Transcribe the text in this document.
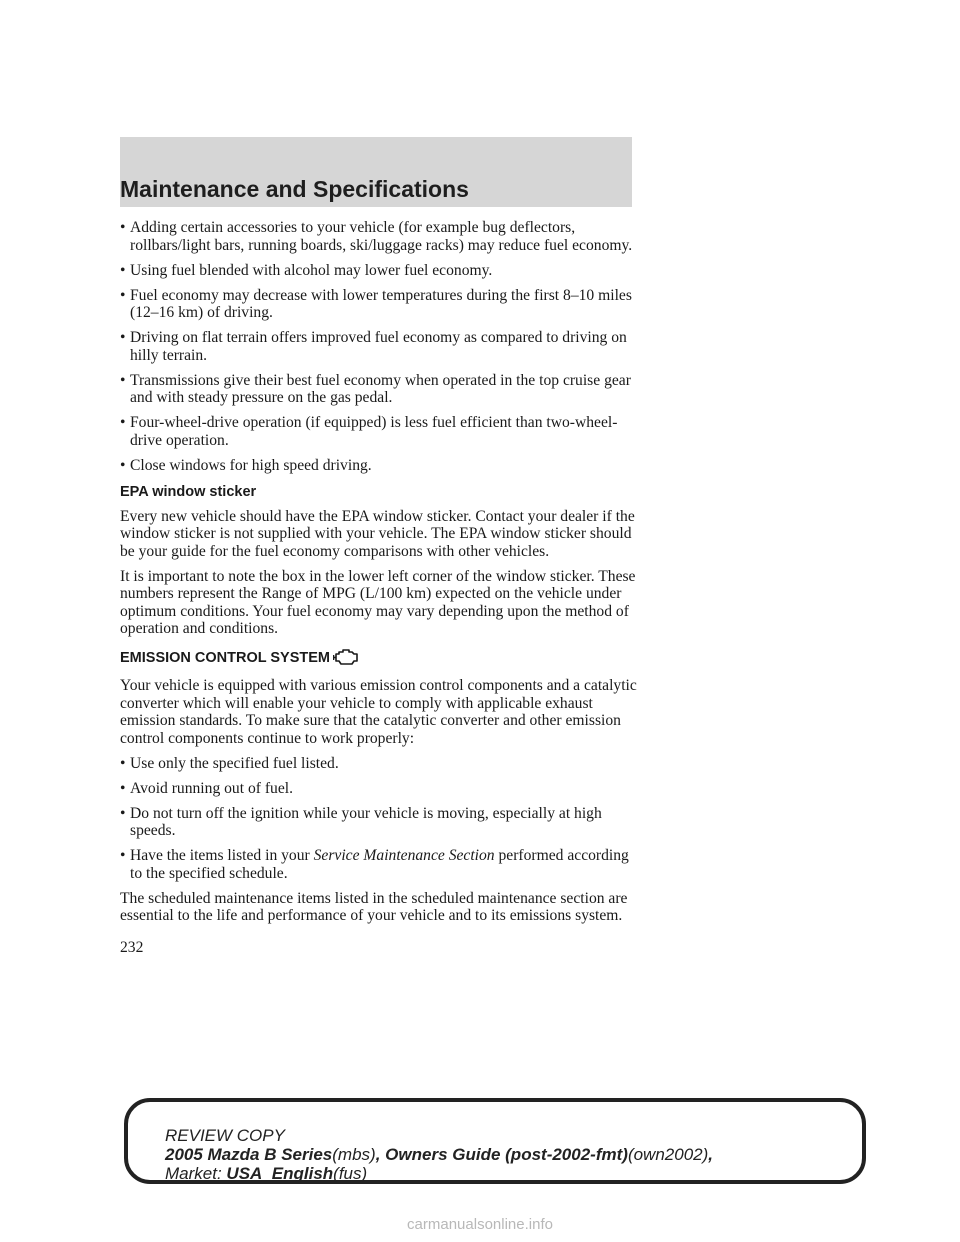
Maintenance and Specifications
• Adding certain accessories to your vehicle (for example bug deflectors, rollbars/light bars, running boards, ski/luggage racks) may reduce fuel economy.
• Using fuel blended with alcohol may lower fuel economy.
• Fuel economy may decrease with lower temperatures during the first 8–10 miles (12–16 km) of driving.
• Driving on flat terrain offers improved fuel economy as compared to driving on hilly terrain.
• Transmissions give their best fuel economy when operated in the top cruise gear and with steady pressure on the gas pedal.
• Four-wheel-drive operation (if equipped) is less fuel efficient than two-wheel-drive operation.
• Close windows for high speed driving.
EPA window sticker
Every new vehicle should have the EPA window sticker. Contact your dealer if the window sticker is not supplied with your vehicle. The EPA window sticker should be your guide for the fuel economy comparisons with other vehicles.
It is important to note the box in the lower left corner of the window sticker. These numbers represent the Range of MPG (L/100 km) expected on the vehicle under optimum conditions. Your fuel economy may vary depending upon the method of operation and conditions.
EMISSION CONTROL SYSTEM
Your vehicle is equipped with various emission control components and a catalytic converter which will enable your vehicle to comply with applicable exhaust emission standards. To make sure that the catalytic converter and other emission control components continue to work properly:
• Use only the specified fuel listed.
• Avoid running out of fuel.
• Do not turn off the ignition while your vehicle is moving, especially at high speeds.
• Have the items listed in your Service Maintenance Section performed according to the specified schedule.
The scheduled maintenance items listed in the scheduled maintenance section are essential to the life and performance of your vehicle and to its emissions system.
232
REVIEW COPY
2005 Mazda B Series(mbs), Owners Guide (post-2002-fmt)(own2002),
Market: USA_English(fus)
carmanualsonline.info
